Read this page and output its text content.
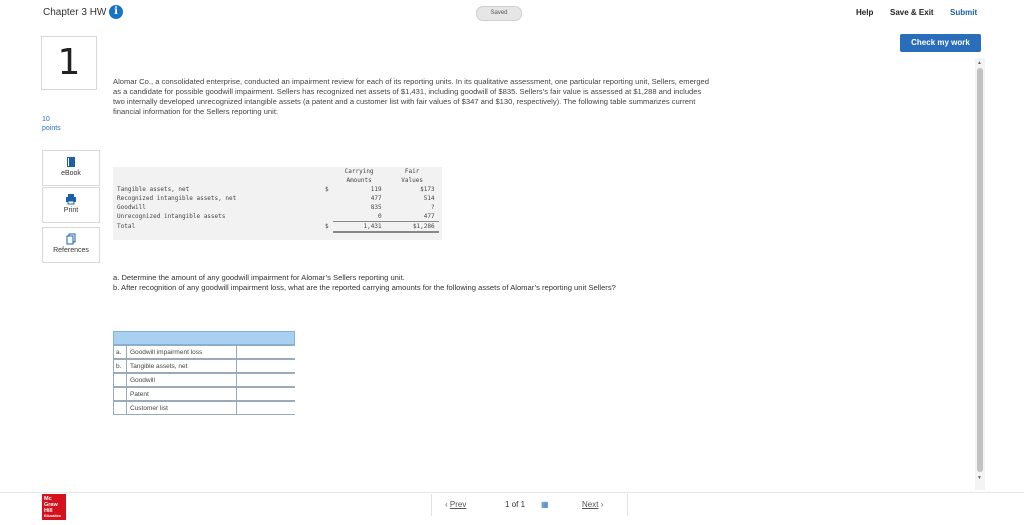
Chapter 3 HW i	Saved	Help Save & Exit Submit
Check my work
1
10
points
eBook
Print
References
Alomar Co., a consolidated enterprise, conducted an impairment review for each of its reporting units. In its qualitative assessment, one particular reporting unit, Sellers, emerged as a candidate for possible goodwill impairment. Sellers has recognized net assets of $1,431, including goodwill of $835. Sellers’s fair value is assessed at $1,288 and includes two internally developed unrecognized intangible assets (a patent and a customer list with fair values of $347 and $130, respectively). The following table summarizes current financial information for the Sellers reporting unit:
		Carrying	Fair
		Amounts	Values
Tangible assets, net	$	119	$173
Recognized intangible assets, net		477	514
Goodwill		835	?
Unrecognized intangible assets		0	477
Total	$	1,431	$1,286
a. Determine the amount of any goodwill impairment for Alomar’s Sellers reporting unit.
b. After recognition of any goodwill impairment loss, what are the reported carrying amounts for the following assets of Alomar’s reporting unit Sellers?
a.	Goodwill impairment loss
b.	Tangible assets, net
Goodwill
Patent
Customer list
▲
▼
Mc
Graw
Hill
Education
‹ Prev	1 of 1 ▦	Next ›
